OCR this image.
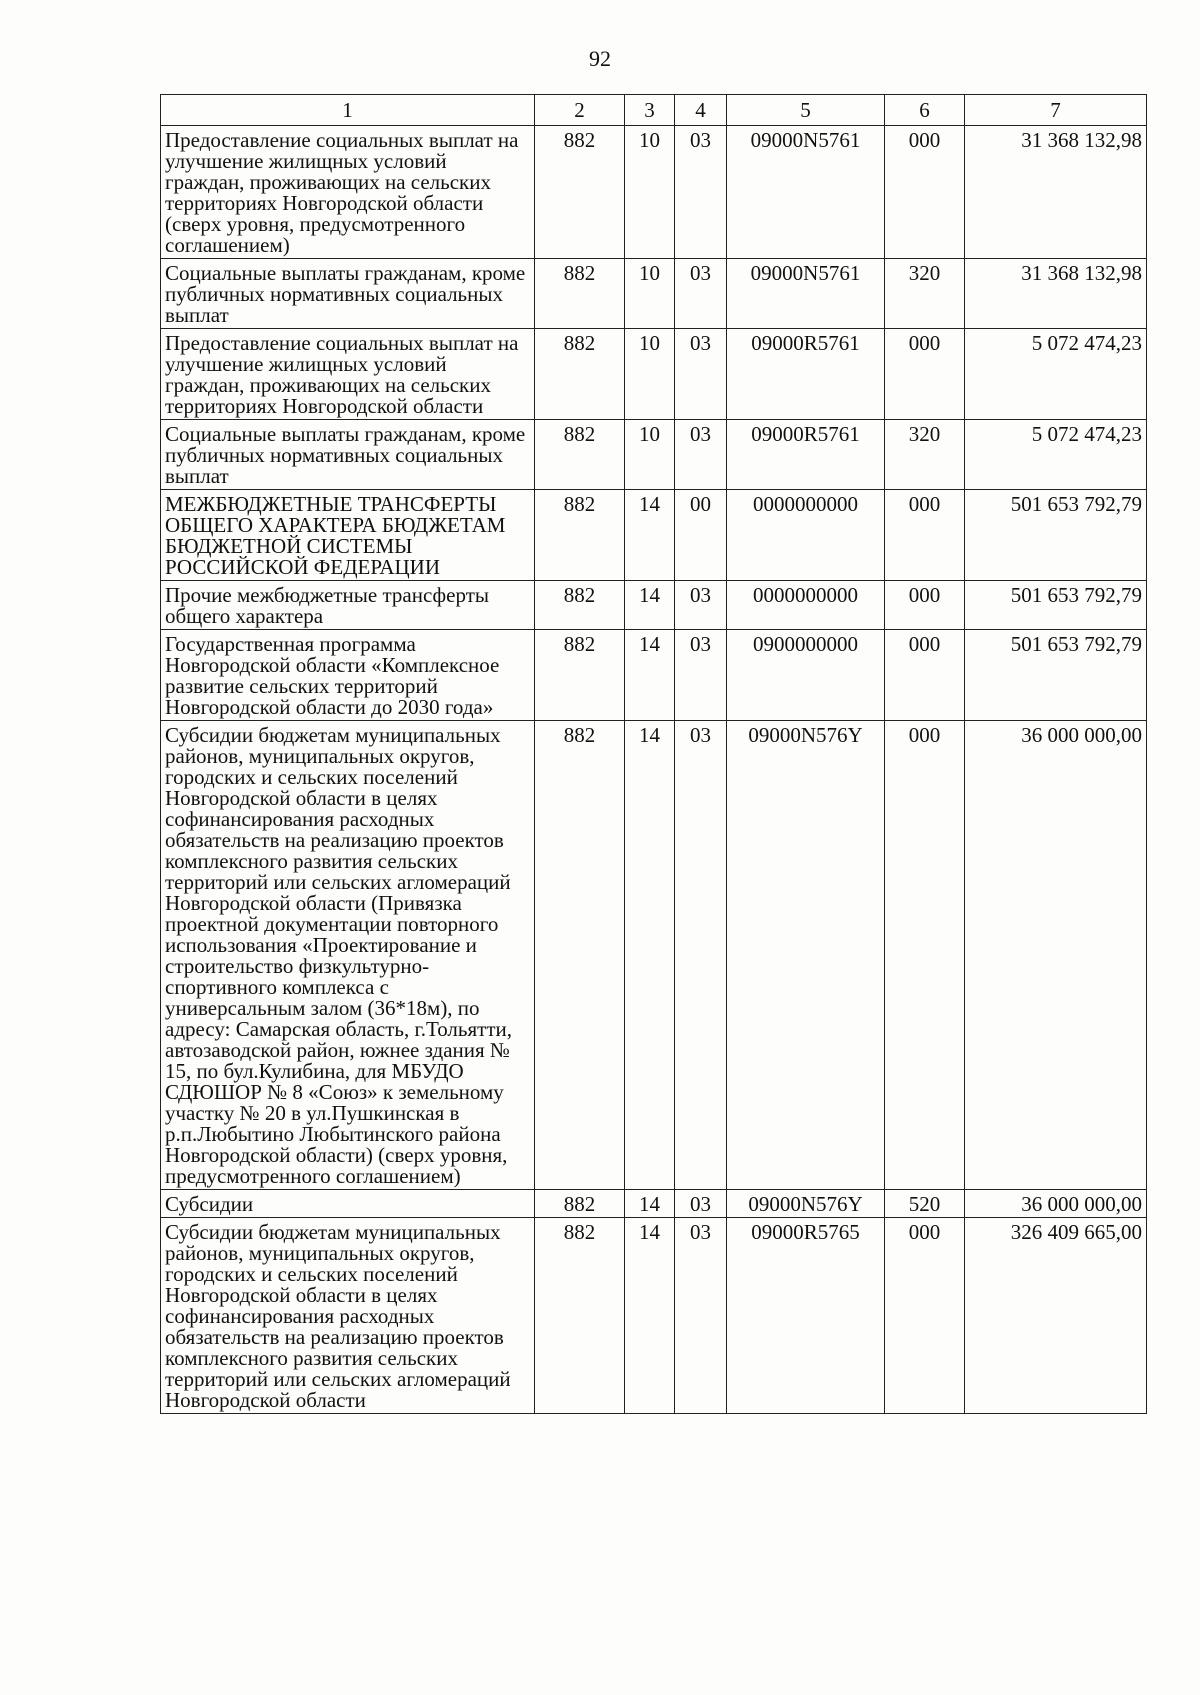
92
1	2	3	4	5	6	7
Предоставление социальных выплат на улучшение жилищных условий граждан, проживающих на сельских территориях Новгородской области (сверх уровня, предусмотренного соглашением)	882	10	03	09000N5761	000	31 368 132,98
Социальные выплаты гражданам, кроме публичных нормативных социальных выплат	882	10	03	09000N5761	320	31 368 132,98
Предоставление социальных выплат на улучшение жилищных условий граждан, проживающих на сельских территориях Новгородской области	882	10	03	09000R5761	000	5 072 474,23
Социальные выплаты гражданам, кроме публичных нормативных социальных выплат	882	10	03	09000R5761	320	5 072 474,23
МЕЖБЮДЖЕТНЫЕ ТРАНСФЕРТЫ ОБЩЕГО ХАРАКТЕРА БЮДЖЕТАМ БЮДЖЕТНОЙ СИСТЕМЫ РОССИЙСКОЙ ФЕДЕРАЦИИ	882	14	00	0000000000	000	501 653 792,79
Прочие межбюджетные трансферты общего характера	882	14	03	0000000000	000	501 653 792,79
Государственная программа Новгородской области «Комплексное развитие сельских территорий Новгородской области до 2030 года»	882	14	03	0900000000	000	501 653 792,79
Субсидии бюджетам муниципальных районов, муниципальных округов, городских и сельских поселений Новгородской области в целях софинансирования расходных обязательств на реализацию проектов комплексного развития сельских территорий или сельских агломераций Новгородской области (Привязка проектной документации повторного использования «Проектирование и строительство физкультурно- спортивного комплекса с универсальным залом (36*18м), по адресу: Самарская область, г.Тольятти, автозаводской район, южнее здания № 15, по бул.Кулибина, для МБУДО СДЮШОР № 8 «Союз» к земельному участку № 20 в ул.Пушкинская в р.п.Любытино Любытинского района Новгородской области) (сверх уровня, предусмотренного соглашением)	882	14	03	09000N576Y	000	36 000 000,00
Субсидии	882	14	03	09000N576Y	520	36 000 000,00
Субсидии бюджетам муниципальных районов, муниципальных округов, городских и сельских поселений Новгородской области в целях софинансирования расходных обязательств на реализацию проектов комплексного развития сельских территорий или сельских агломераций Новгородской области	882	14	03	09000R5765	000	326 409 665,00
